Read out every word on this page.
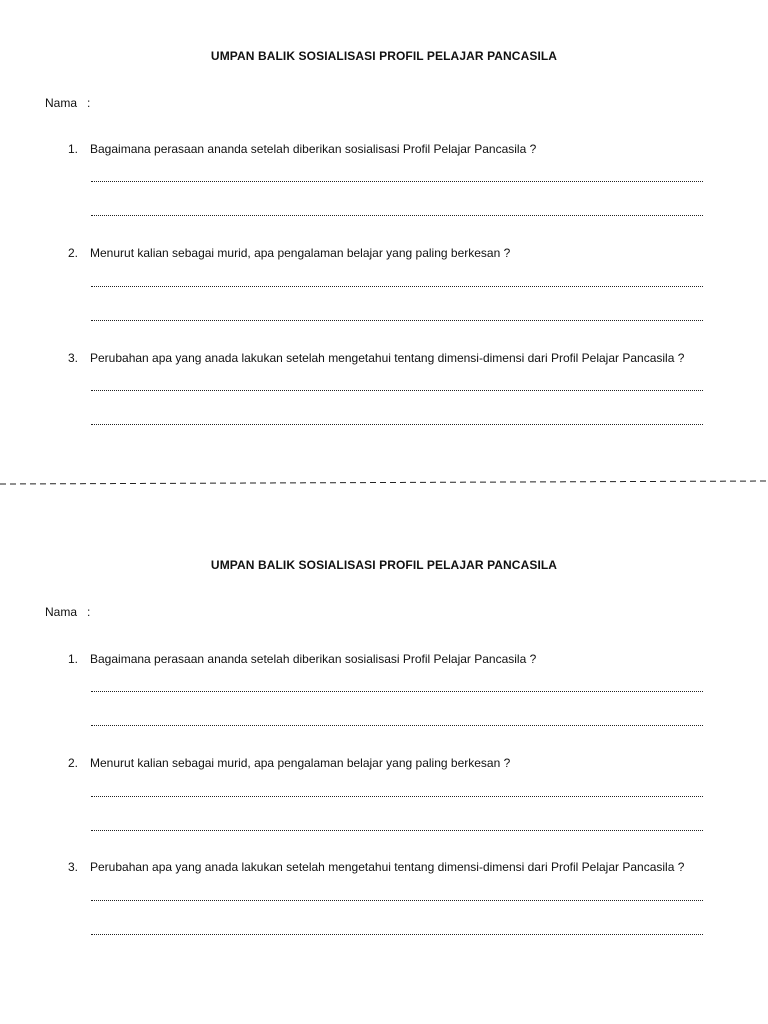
UMPAN BALIK SOSIALISASI PROFIL PELAJAR PANCASILA
Nama :
1. Bagaimana perasaan ananda setelah diberikan sosialisasi Profil Pelajar Pancasila ?
2. Menurut kalian sebagai murid, apa pengalaman belajar yang paling berkesan ?
3. Perubahan apa yang anada lakukan setelah mengetahui tentang dimensi-dimensi dari Profil Pelajar Pancasila ?
UMPAN BALIK SOSIALISASI PROFIL PELAJAR PANCASILA
Nama :
1. Bagaimana perasaan ananda setelah diberikan sosialisasi Profil Pelajar Pancasila ?
2. Menurut kalian sebagai murid, apa pengalaman belajar yang paling berkesan ?
3. Perubahan apa yang anada lakukan setelah mengetahui tentang dimensi-dimensi dari Profil Pelajar Pancasila ?
